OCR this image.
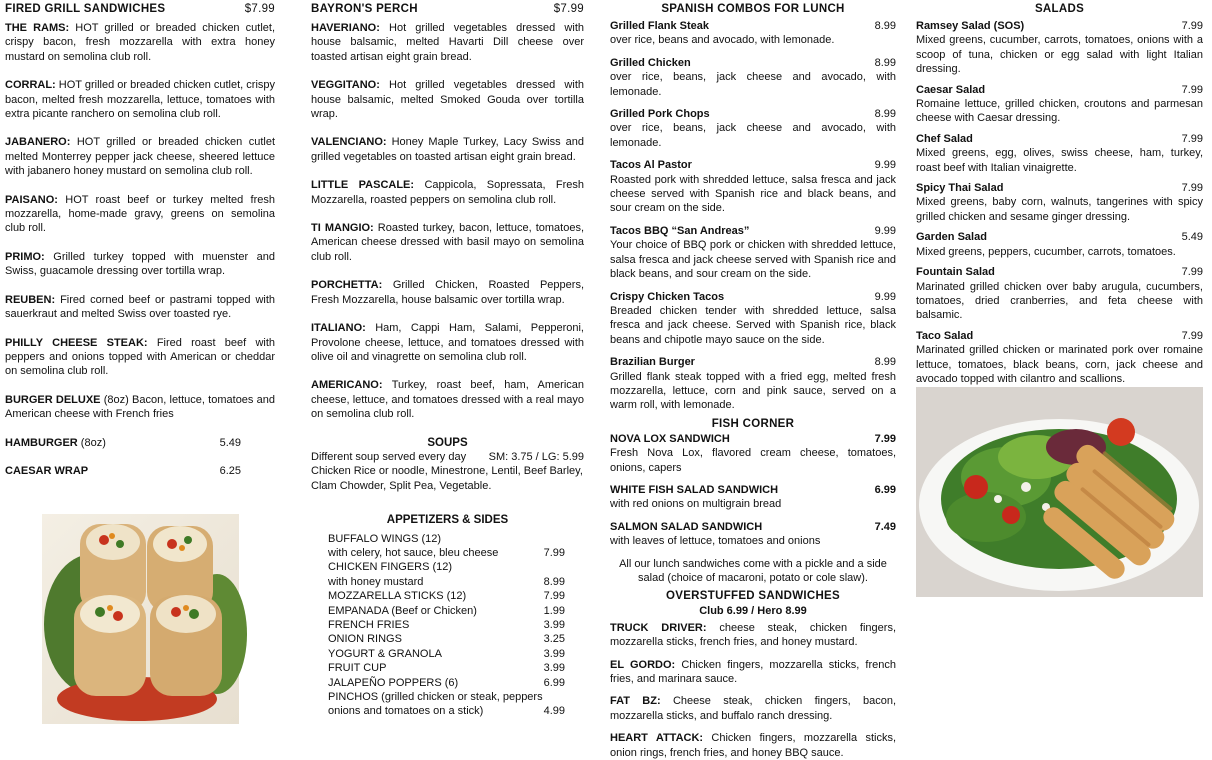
FIRED GRILL SANDWICHES	$7.99
THE RAMS: HOT grilled or breaded chicken cutlet, crispy bacon, fresh mozzarella with extra honey mustard on semolina club roll.
CORRAL: HOT grilled or breaded chicken cutlet, crispy bacon, melted fresh mozzarella, lettuce, tomatoes with extra picante ranchero on semolina club roll.
JABANERO: HOT grilled or breaded chicken cutlet melted Monterrey pepper jack cheese, sheered lettuce with jabanero honey mustard on semolina club roll.
PAISANO: HOT roast beef or turkey melted fresh mozzarella, home-made gravy, greens on semolina club roll.
PRIMO: Grilled turkey topped with muenster and Swiss, guacamole dressing over tortilla wrap.
REUBEN: Fired corned beef or pastrami topped with sauerkraut and melted Swiss over toasted rye.
PHILLY CHEESE STEAK: Fired roast beef with peppers and onions topped with American or cheddar on semolina club roll.
BURGER DELUXE (8oz) Bacon, lettuce, tomatoes and American cheese with French fries
HAMBURGER (8oz)	5.49
CAESAR WRAP	6.25
BAYRON'S PERCH	$7.99
HAVERIANO: Hot grilled vegetables dressed with house balsamic, melted Havarti Dill cheese over toasted artisan eight grain bread.
VEGGITANO: Hot grilled vegetables dressed with house balsamic, melted Smoked Gouda over tortilla wrap.
VALENCIANO: Honey Maple Turkey, Lacy Swiss and grilled vegetables on toasted artisan eight grain bread.
LITTLE PASCALE: Cappicola, Sopressata, Fresh Mozzarella, roasted peppers on semolina club roll.
TI MANGIO: Roasted turkey, bacon, lettuce, tomatoes, American cheese dressed with basil mayo on semolina club roll.
PORCHETTA: Grilled Chicken, Roasted Peppers, Fresh Mozzarella, house balsamic over tortilla wrap.
ITALIANO: Ham, Cappi Ham, Salami, Pepperoni, Provolone cheese, lettuce, and tomatoes dressed with olive oil and vinagrette on semolina club roll.
AMERICANO: Turkey, roast beef, ham, American cheese, lettuce, and tomatoes dressed with a real mayo on semolina club roll.
SOUPS
Different soup served every day SM: 3.75 / LG: 5.99
Chicken Rice or noodle, Minestrone, Lentil, Beef Barley, Clam Chowder, Split Pea, Vegetable.
APPETIZERS & SIDES
BUFFALO WINGS (12)
with celery, hot sauce, bleu cheese	7.99
CHICKEN FINGERS (12)
with honey mustard	8.99
MOZZARELLA STICKS (12)	7.99
EMPANADA (Beef or Chicken)	1.99
FRENCH FRIES	3.99
ONION RINGS	3.25
YOGURT & GRANOLA	3.99
FRUIT CUP	3.99
JALAPEÑO POPPERS (6)	6.99
PINCHOS (grilled chicken or steak, peppers
onions and tomatoes on a stick)	4.99
SPANISH COMBOS FOR LUNCH
Grilled Flank Steak	8.99
over rice, beans and avocado, with lemonade.
Grilled Chicken	8.99
over rice, beans, jack cheese and avocado, with lemonade.
Grilled Pork Chops	8.99
over rice, beans, jack cheese and avocado, with lemonade.
Tacos Al Pastor	9.99
Roasted pork with shredded lettuce, salsa fresca and jack cheese served with Spanish rice and black beans, and sour cream on the side.
Tacos BBQ “San Andreas”	9.99
Your choice of BBQ pork or chicken with shredded lettuce, salsa fresca and jack cheese served with Spanish rice and black beans, and sour cream on the side.
Crispy Chicken Tacos	9.99
Breaded chicken tender with shredded lettuce, salsa fresca and jack cheese. Served with Spanish rice, black beans and chipotle mayo sauce on the side.
Brazilian Burger	8.99
Grilled flank steak topped with a fried egg, melted fresh mozzarella, lettuce, corn and pink sauce, served on a warm roll, with lemonade.
FISH CORNER
NOVA LOX SANDWICH	7.99
Fresh Nova Lox, flavored cream cheese, tomatoes, onions, capers
WHITE FISH SALAD SANDWICH	6.99
with red onions on multigrain bread
SALMON SALAD SANDWICH	7.49
with leaves of lettuce, tomatoes and onions
All our lunch sandwiches come with a pickle and a side salad (choice of macaroni, potato or cole slaw).
OVERSTUFFED SANDWICHES
Club 6.99 / Hero 8.99
TRUCK DRIVER: cheese steak, chicken fingers, mozzarella sticks, french fries, and honey mustard.
EL GORDO: Chicken fingers, mozzarella sticks, french fries, and marinara sauce.
FAT BZ: Cheese steak, chicken fingers, bacon, mozzarella sticks, and buffalo ranch dressing.
HEART ATTACK: Chicken fingers, mozzarella sticks, onion rings, french fries, and honey BBQ sauce.
SALADS
Ramsey Salad (SOS)	7.99
Mixed greens, cucumber, carrots, tomatoes, onions with a scoop of tuna, chicken or egg salad with light Italian dressing.
Caesar Salad	7.99
Romaine lettuce, grilled chicken, croutons and parmesan cheese with Caesar dressing.
Chef Salad	7.99
Mixed greens, egg, olives, swiss cheese, ham, turkey, roast beef with Italian vinaigrette.
Spicy Thai Salad	7.99
Mixed greens, baby corn, walnuts, tangerines with spicy grilled chicken and sesame ginger dressing.
Garden Salad	5.49
Mixed greens, peppers, cucumber, carrots, tomatoes.
Fountain Salad	7.99
Marinated grilled chicken over baby arugula, cucumbers, tomatoes, dried cranberries, and feta cheese with balsamic.
Taco Salad	7.99
Marinated grilled chicken or marinated pork over romaine lettuce, tomatoes, black beans, corn, jack cheese and avocado topped with cilantro and scallions.
